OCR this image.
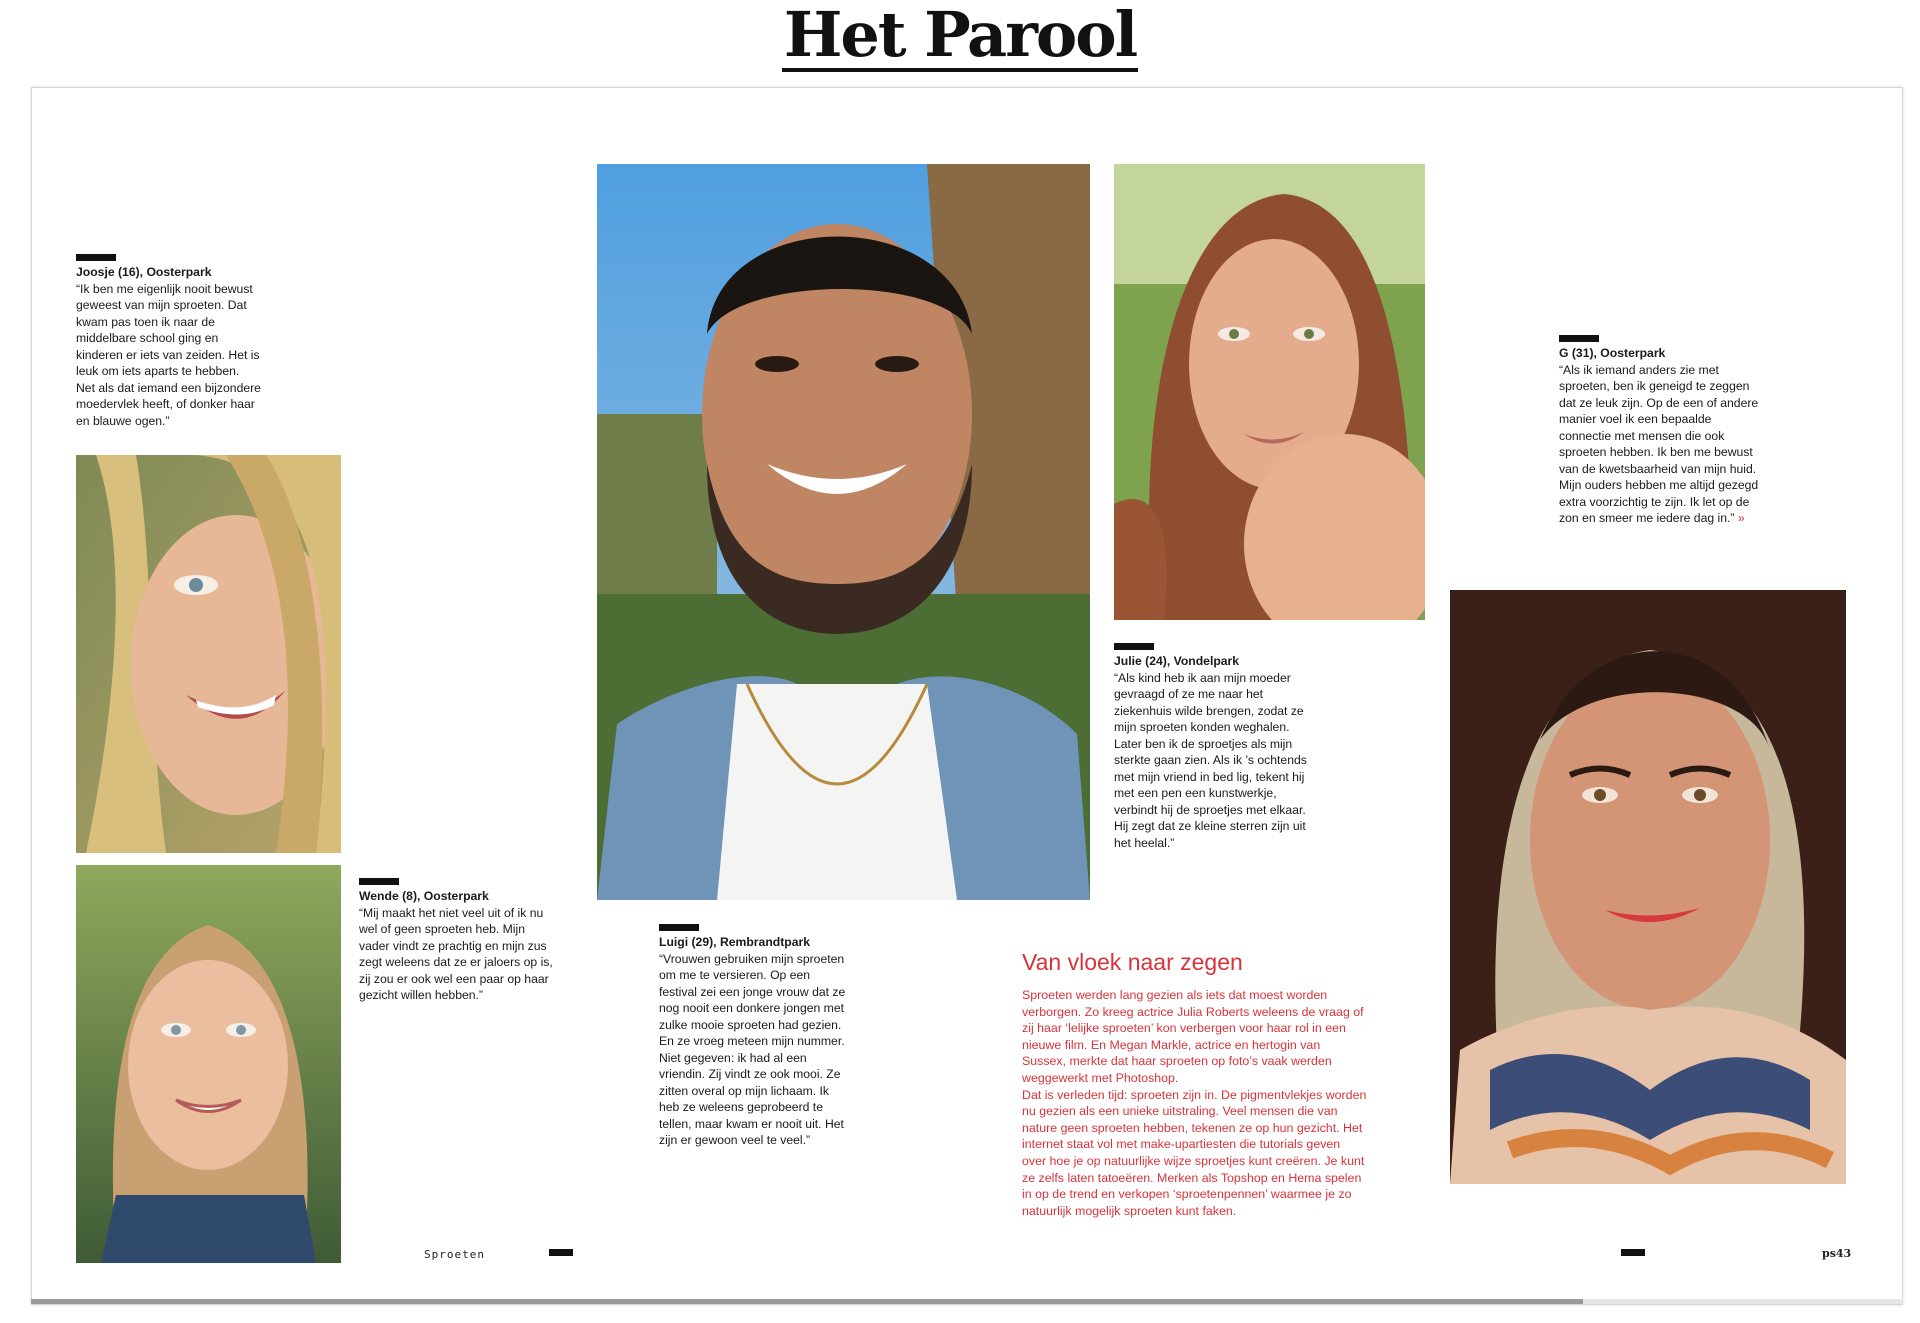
Het Parool
Joosje (16), Oosterpark
“Ik ben me eigenlijk nooit bewust geweest van mijn sproeten. Dat kwam pas toen ik naar de middelbare school ging en kinderen er iets van zeiden. Het is leuk om iets aparts te hebben. Net als dat iemand een bijzondere moedervlek heeft, of donker haar en blauwe ogen.”
Wende (8), Oosterpark
“Mij maakt het niet veel uit of ik nu wel of geen sproeten heb. Mijn vader vindt ze prachtig en mijn zus zegt weleens dat ze er jaloers op is, zij zou er ook wel een paar op haar gezicht willen hebben.”
Luigi (29), Rembrandtpark
“Vrouwen gebruiken mijn sproeten om me te versieren. Op een festival zei een jonge vrouw dat ze nog nooit een donkere jongen met zulke mooie sproeten had gezien. En ze vroeg meteen mijn nummer. Niet gegeven: ik had al een vriendin. Zij vindt ze ook mooi. Ze zitten overal op mijn lichaam. Ik heb ze weleens geprobeerd te tellen, maar kwam er nooit uit. Het zijn er gewoon veel te veel.”
Julie (24), Vondelpark
“Als kind heb ik aan mijn moeder gevraagd of ze me naar het ziekenhuis wilde brengen, zodat ze mijn sproeten konden weghalen. Later ben ik de sproetjes als mijn sterkte gaan zien. Als ik ’s ochtends met mijn vriend in bed lig, tekent hij met een pen een kunstwerkje, verbindt hij de sproetjes met elkaar. Hij zegt dat ze kleine sterren zijn uit het heelal.”
Van vloek naar zegen

Sproeten werden lang gezien als iets dat moest worden verborgen. Zo kreeg actrice Julia Roberts weleens de vraag of zij haar ‘lelijke sproeten’ kon verbergen voor haar rol in een nieuwe film. En Megan Markle, actrice en hertogin van Sussex, merkte dat haar sproeten op foto’s vaak werden weggewerkt met Photoshop.

Dat is verleden tijd: sproeten zijn in. De pigmentvlekjes worden nu gezien als een unieke uitstraling. Veel mensen die van nature geen sproeten hebben, tekenen ze op hun gezicht. Het internet staat vol met make-upartiesten die tutorials geven over hoe je op natuurlijke wijze sproetjes kunt creëren. Je kunt ze zelfs laten tatoeëren. Merken als Topshop en Hema spelen in op de trend en verkopen ‘sproetenpennen’ waarmee je zo natuurlijk mogelijk sproeten kunt faken.

G (31), Oosterpark
“Als ik iemand anders zie met sproeten, ben ik geneigd te zeggen dat ze leuk zijn. Op de een of andere manier voel ik een bepaalde connectie met mensen die ook sproeten hebben. Ik ben me bewust van de kwetsbaarheid van mijn huid. Mijn ouders hebben me altijd gezegd extra voorzichtig te zijn. Ik let op de zon en smeer me iedere dag in.” »
Sproeten	ps43
